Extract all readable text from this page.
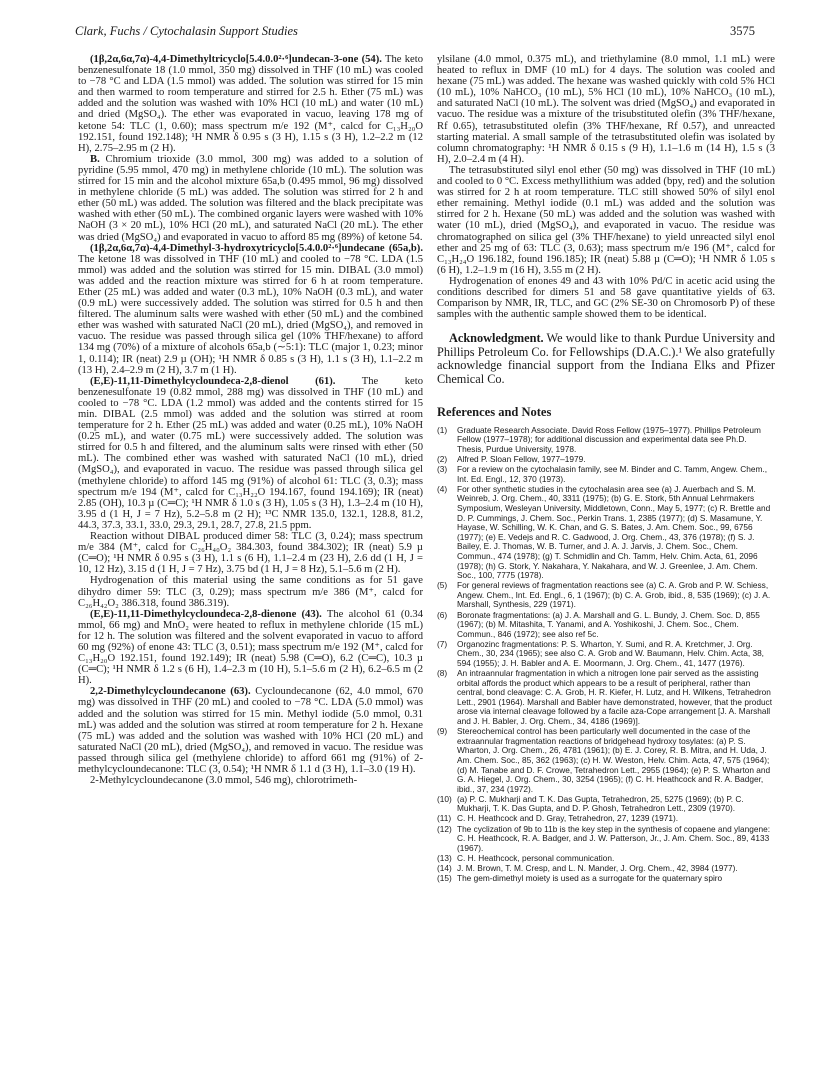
Clark, Fuchs / Cytochalasin Support Studies	3575

(1β,2α,6α,7α)-4,4-Dimethyltricyclo[5.4.0.0²·⁶]undecan-3-one (54). The keto benzenesulfonate 18 (1.0 mmol, 350 mg) dissolved in THF (10 mL) was cooled to −78 °C and LDA (1.5 mmol) was added. The solution was stirred for 15 min and then warmed to room temperature and stirred for 2.5 h. Ether (75 mL) was added and the solution was washed with 10% HCl (10 mL) and water (10 mL) and dried (MgSO₄). The ether was evaporated in vacuo, leaving 178 mg of ketone 54: TLC (1, 0.60); mass spectrum m/e 192 (M⁺, calcd for C₁₃H₂₀O 192.151, found 192.148); ¹H NMR δ 0.95 s (3 H), 1.15 s (3 H), 1.2–2.2 m (12 H), 2.75–2.95 m (2 H).

B. Chromium trioxide (3.0 mmol, 300 mg) was added to a solution of pyridine (5.95 mmol, 470 mg) in methylene chloride (10 mL). The solution was stirred for 15 min and the alcohol mixture 65a,b (0.495 mmol, 96 mg) dissolved in methylene chloride (5 mL) was added. The solution was stirred for 2 h and ether (50 mL) was added. The solution was filtered and the black precipitate was washed with ether (50 mL). The combined organic layers were washed with 10% NaOH (3 × 20 mL), 10% HCl (20 mL), and saturated NaCl (20 mL). The ether was dried (MgSO₄) and evaporated in vacuo to afford 85 mg (89%) of ketone 54.

(1β,2α,6α,7α)-4,4-Dimethyl-3-hydroxytricyclo[5.4.0.0²·⁶]undecane (65a,b). The ketone 18 was dissolved in THF (10 mL) and cooled to −78 °C. LDA (1.5 mmol) was added and the solution was stirred for 15 min. DIBAL (3.0 mmol) was added and the reaction mixture was stirred for 6 h at room temperature. Ether (25 mL) was added and water (0.3 mL), 10% NaOH (0.3 mL), and water (0.9 mL) were successively added. The solution was stirred for 0.5 h and then filtered. The aluminum salts were washed with ether (50 mL) and the combined ether was washed with saturated NaCl (20 mL), dried (MgSO₄), and removed in vacuo. The residue was passed through silica gel (10% THF/hexane) to afford 134 mg (70%) of a mixture of alcohols 65a,b (∼5:1): TLC (major 1, 0.23; minor 1, 0.114); IR (neat) 2.9 µ (OH); ¹H NMR δ 0.85 s (3 H), 1.1 s (3 H), 1.1–2.2 m (13 H), 2.4–2.9 m (2 H), 3.7 m (1 H).

(E,E)-11,11-Dimethylcycloundeca-2,8-dienol (61). The keto benzenesulfonate 19 (0.82 mmol, 288 mg) was dissolved in THF (10 mL) and cooled to −78 °C. LDA (1.2 mmol) was added and the contents stirred for 15 min. DIBAL (2.5 mmol) was added and the solution was stirred at room temperature for 2 h. Ether (25 mL) was added and water (0.25 mL), 10% NaOH (0.25 mL), and water (0.75 mL) were successively added. The solution was stirred for 0.5 h and filtered, and the aluminum salts were rinsed with ether (50 mL). The combined ether was washed with saturated NaCl (10 mL), dried (MgSO₄), and evaporated in vacuo. The residue was passed through silica gel (methylene chloride) to afford 145 mg (91%) of alcohol 61: TLC (3, 0.3); mass spectrum m/e 194 (M⁺, calcd for C₁₃H₂₂O 194.167, found 194.169); IR (neat) 2.85 (OH), 10.3 µ (C═C); ¹H NMR δ 1.0 s (3 H), 1.05 s (3 H), 1.3–2.4 m (10 H), 3.95 d (1 H, J = 7 Hz), 5.2–5.8 m (2 H); ¹³C NMR 135.0, 132.1, 128.8, 81.2, 44.3, 37.3, 33.1, 33.0, 29.3, 29.1, 28.7, 27.8, 21.5 ppm.

Reaction without DIBAL produced dimer 58: TLC (3, 0.24); mass spectrum m/e 384 (M⁺, calcd for C₂₆H₄₀O₂ 384.303, found 384.302); IR (neat) 5.9 µ (C═O); ¹H NMR δ 0.95 s (3 H), 1.1 s (6 H), 1.1–2.4 m (23 H), 2.6 dd (1 H, J = 10, 12 Hz), 3.15 d (1 H, J = 7 Hz), 3.75 bd (1 H, J = 8 Hz), 5.1–5.6 m (2 H).

Hydrogenation of this material using the same conditions as for 51 gave dihydro dimer 59: TLC (3, 0.29); mass spectrum m/e 386 (M⁺, calcd for C₂₆H₄₂O₂ 386.318, found 386.319).

(E,E)-11,11-Dimethylcycloundeca-2,8-dienone (43). The alcohol 61 (0.34 mmol, 66 mg) and MnO₂ were heated to reflux in methylene chloride (15 mL) for 12 h. The solution was filtered and the solvent evaporated in vacuo to afford 60 mg (92%) of enone 43: TLC (3, 0.51); mass spectrum m/e 192 (M⁺, calcd for C₁₃H₂₀O 192.151, found 192.149); IR (neat) 5.98 (C═O), 6.2 (C═C), 10.3 µ (C═C); ¹H NMR δ 1.2 s (6 H), 1.4–2.3 m (10 H), 5.1–5.6 m (2 H), 6.2–6.5 m (2 H).

2,2-Dimethylcycloundecanone (63). Cycloundecanone (62, 4.0 mmol, 670 mg) was dissolved in THF (20 mL) and cooled to −78 °C. LDA (5.0 mmol) was added and the solution was stirred for 15 min. Methyl iodide (5.0 mmol, 0.31 mL) was added and the solution was stirred at room temperature for 2 h. Hexane (75 mL) was added and the solution was washed with 10% HCl (20 mL) and saturated NaCl (20 mL), dried (MgSO₄), and removed in vacuo. The residue was passed through silica gel (methylene chloride) to afford 661 mg (91%) of 2-methylcycloundecanone: TLC (3, 0.54); ¹H NMR δ 1.1 d (3 H), 1.1–3.0 (19 H).

2-Methylcycloundecanone (3.0 mmol, 546 mg), chlorotrimeth-

ylsilane (4.0 mmol, 0.375 mL), and triethylamine (8.0 mmol, 1.1 mL) were heated to reflux in DMF (10 mL) for 4 days. The solution was cooled and hexane (75 mL) was added. The hexane was washed quickly with cold 5% HCl (10 mL), 10% NaHCO₃ (10 mL), 5% HCl (10 mL), 10% NaHCO₃ (10 mL), and saturated NaCl (10 mL). The solvent was dried (MgSO₄) and evaporated in vacuo. The residue was a mixture of the trisubstituted olefin (3% THF/hexane, Rf 0.65), tetrasubstituted olefin (3% THF/hexane, Rf 0.57), and unreacted starting material. A small sample of the tetrasubstituted olefin was isolated by column chromatography: ¹H NMR δ 0.15 s (9 H), 1.1–1.6 m (14 H), 1.5 s (3 H), 2.0–2.4 m (4 H).

The tetrasubstituted silyl enol ether (50 mg) was dissolved in THF (10 mL) and cooled to 0 °C. Excess methyllithium was added (bpy, red) and the solution was stirred for 2 h at room temperature. TLC still showed 50% of silyl enol ether remaining. Methyl iodide (0.1 mL) was added and the solution was stirred for 2 h. Hexane (50 mL) was added and the solution was washed with water (10 mL), dried (MgSO₄), and evaporated in vacuo. The residue was chromatographed on silica gel (3% THF/hexane) to yield unreacted silyl enol ether and 25 mg of 63: TLC (3, 0.63); mass spectrum m/e 196 (M⁺, calcd for C₁₃H₂₄O 196.182, found 196.185); IR (neat) 5.88 µ (C═O); ¹H NMR δ 1.05 s (6 H), 1.2–1.9 m (16 H), 3.55 m (2 H).

Hydrogenation of enones 49 and 43 with 10% Pd/C in acetic acid using the conditions described for dimers 51 and 58 gave quantitative yields of 63. Comparison by NMR, IR, TLC, and GC (2% SE-30 on Chromosorb P) of these samples with the authentic sample showed them to be identical.

Acknowledgment. We would like to thank Purdue University and Phillips Petroleum Co. for Fellowships (D.A.C.).¹ We also gratefully acknowledge financial support from the Indiana Elks and Pfizer Chemical Co.

References and Notes
(1) Graduate Research Associate. David Ross Fellow (1975–1977). Phillips Petroleum Fellow (1977–1978); for additional discussion and experimental data see Ph.D. Thesis, Purdue University, 1978.
(2) Alfred P. Sloan Fellow, 1977–1979.
(3) For a review on the cytochalasin family, see M. Binder and C. Tamm, Angew. Chem., Int. Ed. Engl., 12, 370 (1973).
(4) For other synthetic studies in the cytochalasin area see (a) J. Auerbach and S. M. Weinreb, J. Org. Chem., 40, 3311 (1975); (b) G. E. Stork, 5th Annual Lehrmakers Symposium, Wesleyan University, Middletown, Conn., May 5, 1977; (c) R. Brettle and D. P. Cummings, J. Chem. Soc., Perkin Trans. 1, 2385 (1977); (d) S. Masamune, Y. Hayase, W. Schilling, W. K. Chan, and G. S. Bates, J. Am. Chem. Soc., 99, 6756 (1977); (e) E. Vedejs and R. C. Gadwood, J. Org. Chem., 43, 376 (1978); (f) S. J. Bailey, E. J. Thomas, W. B. Turner, and J. A. J. Jarvis, J. Chem. Soc., Chem. Commun., 474 (1978); (g) T. Schmidlin and Ch. Tamm, Helv. Chim. Acta, 61, 2096 (1978); (h) G. Stork, Y. Nakahara, Y. Nakahara, and W. J. Greenlee, J. Am. Chem. Soc., 100, 7775 (1978).
(5) For general reviews of fragmentation reactions see (a) C. A. Grob and P. W. Schiess, Angew. Chem., Int. Ed. Engl., 6, 1 (1967); (b) C. A. Grob, ibid., 8, 535 (1969); (c) J. A. Marshall, Synthesis, 229 (1971).
(6) Boronate fragmentations: (a) J. A. Marshall and G. L. Bundy, J. Chem. Soc. D, 855 (1967); (b) M. Mitashita, T. Yanami, and A. Yoshikoshi, J. Chem. Soc., Chem. Commun., 846 (1972); see also ref 5c.
(7) Organozinc fragmentations: P. S. Wharton, Y. Sumi, and R. A. Kretchmer, J. Org. Chem., 30, 234 (1965); see also C. A. Grob and W. Baumann, Helv. Chim. Acta, 38, 594 (1955); J. H. Babler and A. E. Moormann, J. Org. Chem., 41, 1477 (1976).
(8) An intraannular fragmentation in which a nitrogen lone pair served as the assisting orbital affords the product which appears to be a result of peripheral, rather than central, bond cleavage: C. A. Grob, H. R. Kiefer, H. Lutz, and H. Wilkens, Tetrahedron Lett., 2901 (1964). Marshall and Babler have demonstrated, however, that the product arose via internal cleavage followed by a facile aza-Cope arrangement [J. A. Marshall and J. H. Babler, J. Org. Chem., 34, 4186 (1969)].
(9) Stereochemical control has been particularly well documented in the case of the extraannular fragmentation reactions of bridgehead hydroxy tosylates: (a) P. S. Wharton, J. Org. Chem., 26, 4781 (1961); (b) E. J. Corey, R. B. Mitra, and H. Uda, J. Am. Chem. Soc., 85, 362 (1963); (c) H. W. Weston, Helv. Chim. Acta, 47, 575 (1964); (d) M. Tanabe and D. F. Crowe, Tetrahedron Lett., 2955 (1964); (e) P. S. Wharton and G. A. Hiegel, J. Org. Chem., 30, 3254 (1965); (f) C. H. Heathcock and R. A. Badger, ibid., 37, 234 (1972).
(10) (a) P. C. Mukharji and T. K. Das Gupta, Tetrahedron, 25, 5275 (1969); (b) P. C. Mukharji, T. K. Das Gupta, and D. P. Ghosh, Tetrahedron Lett., 2309 (1970).
(11) C. H. Heathcock and D. Gray, Tetrahedron, 27, 1239 (1971).
(12) The cyclization of 9b to 11b is the key step in the synthesis of copaene and ylangene: C. H. Heathcock, R. A. Badger, and J. W. Patterson, Jr., J. Am. Chem. Soc., 89, 4133 (1967).
(13) C. H. Heathcock, personal communication.
(14) J. M. Brown, T. M. Cresp, and L. N. Mander, J. Org. Chem., 42, 3984 (1977).
(15) The gem-dimethyl moiety is used as a surrogate for the quaternary spiro
